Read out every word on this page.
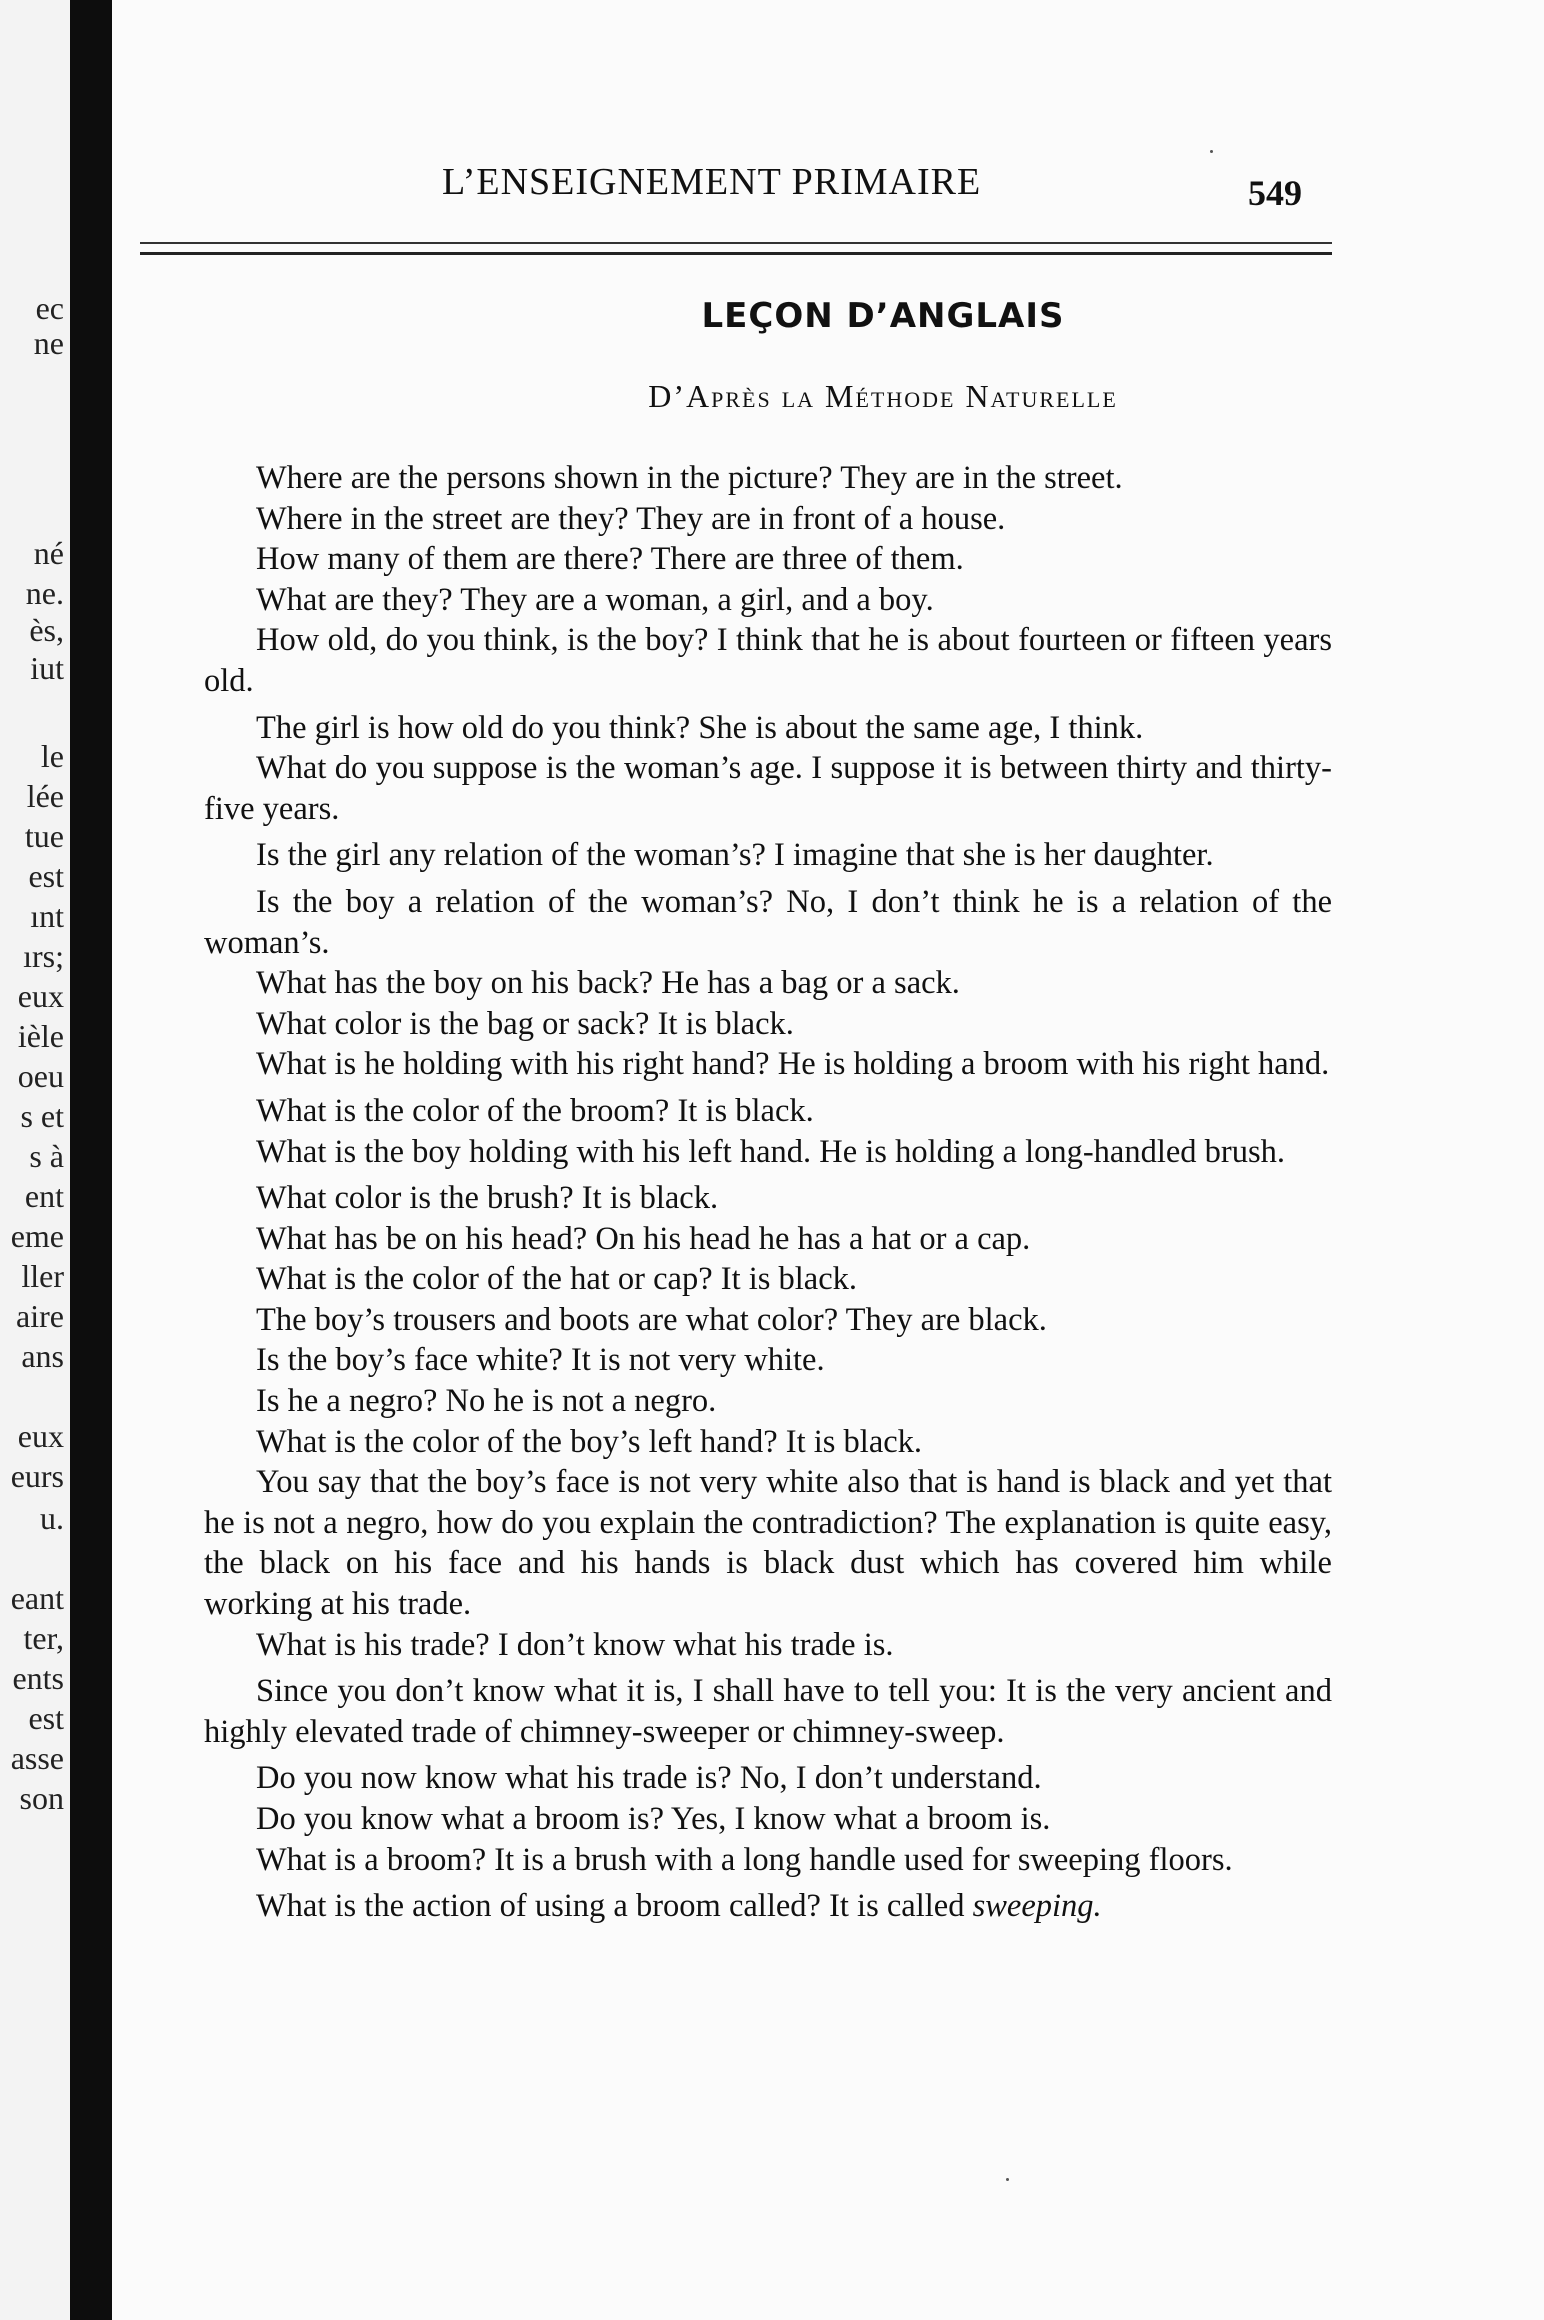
ec
ne
né
ne.
ès,
iut
le
lée
tue
est
ınt
ırs;
eux
ièle
oeu
s et
s à
ent
eme
ller
aire
ans
eux
eurs
u.
eant
ter,
ents
est
asse
son
L’ENSEIGNEMENT PRIMAIRE	549
LEÇON D’ANGLAIS
D’Après la Méthode Naturelle

Where are the persons shown in the picture? They are in the street.

Where in the street are they? They are in front of a house.

How many of them are there? There are three of them.

What are they? They are a woman, a girl, and a boy.

How old, do you think, is the boy? I think that he is about fourteen or fifteen years old.

The girl is how old do you think? She is about the same age, I think.

What do you suppose is the woman’s age. I suppose it is between thirty and thirty-five years.

Is the girl any relation of the woman’s? I imagine that she is her daughter.

Is the boy a relation of the woman’s? No, I don’t think he is a relation of the woman’s.

What has the boy on his back? He has a bag or a sack.

What color is the bag or sack? It is black.

What is he holding with his right hand? He is holding a broom with his right hand.

What is the color of the broom? It is black.

What is the boy holding with his left hand. He is holding a long-handled brush.

What color is the brush? It is black.

What has be on his head? On his head he has a hat or a cap.

What is the color of the hat or cap? It is black.

The boy’s trousers and boots are what color? They are black.

Is the boy’s face white? It is not very white.

Is he a negro? No he is not a negro.

What is the color of the boy’s left hand? It is black.

You say that the boy’s face is not very white also that is hand is black and yet that he is not a negro, how do you explain the contradiction? The explanation is quite easy, the black on his face and his hands is black dust which has covered him while working at his trade.

What is his trade? I don’t know what his trade is.

Since you don’t know what it is, I shall have to tell you: It is the very ancient and highly elevated trade of chimney-sweeper or chimney-sweep.

Do you now know what his trade is? No, I don’t understand.

Do you know what a broom is? Yes, I know what a broom is.

What is a broom? It is a brush with a long handle used for sweeping floors.

What is the action of using a broom called? It is called sweeping.
